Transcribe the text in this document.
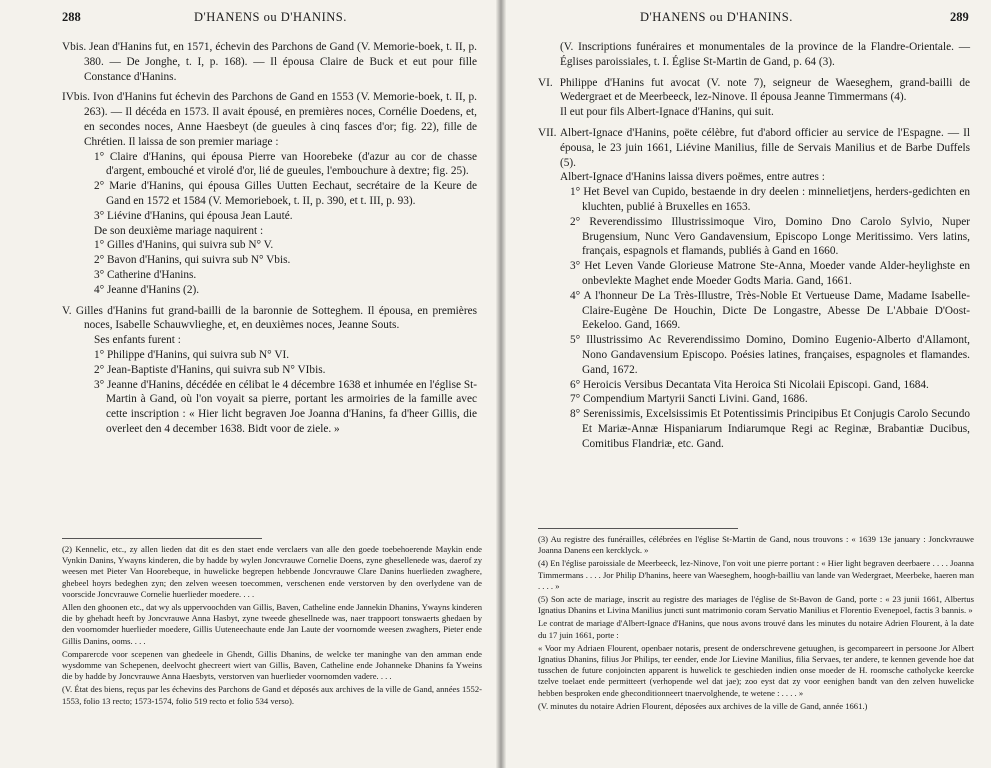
288	D'HANENS ou D'HANINS.

Vbis. Jean d'Hanins fut, en 1571, échevin des Parchons de Gand (V. Memorie-boek, t. II, p. 380. — De Jonghe, t. I, p. 168). — Il épousa Claire de Buck et eut pour fille Constance d'Hanins.

IVbis. Ivon d'Hanins fut échevin des Parchons de Gand en 1553 (V. Memorie-boek, t. II, p. 263). — Il décéda en 1573. Il avait épousé, en premières noces, Cornélie Doedens, et, en secondes noces, Anne Haesbeyt (de gueules à cinq fasces d'or; fig. 22), fille de Chrétien. Il laissa de son premier mariage :

1° Claire d'Hanins, qui épousa Pierre van Hoorebeke (d'azur au cor de chasse d'argent, embouché et virolé d'or, lié de gueules, l'embouchure à dextre; fig. 25).

2° Marie d'Hanins, qui épousa Gilles Uutten Eechaut, secrétaire de la Keure de Gand en 1572 et 1584 (V. Memorieboek, t. II, p. 390, et t. III, p. 93).

3° Liévine d'Hanins, qui épousa Jean Lauté.

De son deuxième mariage naquirent :

1° Gilles d'Hanins, qui suivra sub N° V.

2° Bavon d'Hanins, qui suivra sub N° Vbis.

3° Catherine d'Hanins.

4° Jeanne d'Hanins (2).

V. Gilles d'Hanins fut grand-bailli de la baronnie de Sotteghem. Il épousa, en premières noces, Isabelle Schauwvlieghe, et, en deuxièmes noces, Jeanne Souts.

Ses enfants furent :

1° Philippe d'Hanins, qui suivra sub N° VI.

2° Jean-Baptiste d'Hanins, qui suivra sub N° VIbis.

3° Jeanne d'Hanins, décédée en célibat le 4 décembre 1638 et inhumée en l'église St-Martin à Gand, où l'on voyait sa pierre, portant les armoiries de la famille avec cette inscription : « Hier licht begraven Joe Joanna d'Hanins, fa d'heer Gillis, die overleet den 4 december 1638. Bidt voor de ziele. »

(2) Kennelic, etc., zy allen lieden dat dit es den staet ende verclaers van alle den goede toebehoerende Maykin ende Vynkin Danins, Ywayns kinderen, die by hadde by wylen Joncvrauwe Cornelie Doens, zyne ghesellenede was, daerof zy weesen met Pieter Van Hoorebeque, in huwelicke begrepen hebbende Joncvrauwe Clare Danins huerlieden zwaghere, ghebeel hoyrs bedeghen zyn; den zelven weesen toecommen, verschenen ende verstorven by den overlydene van de voorscide Joncvrauwe Cornelie huerlieder moedere. . . .

Allen den ghoonen etc., dat wy als uppervoochden van Gillis, Baven, Catheline ende Jannekin Dhanins, Ywayns kinderen die by ghehadt heeft by Joncvrauwe Anna Hasbyt, zyne tweede ghesellnede was, naer trappoort tonswaerts ghedaen by den voornomder huerlieder moedere, Gillis Uuteneechaute ende Jan Laute der voornomde weesen zwaghers, Pieter ende Gillis Danins, ooms. . . .

Comparercde voor scepenen van ghedeele in Ghendt, Gillis Dhanins, de welcke ter maninghe van den amman ende wysdomme van Schepenen, deelvocht ghecreert wiert van Gillis, Baven, Catheline ende Johanneke Dhanins fa Yweins die by hadde by Joncvrauwe Anna Haesbyts, verstorven van huerlieder voornomden vadere. . . .

(V. État des biens, reçus par les échevins des Parchons de Gand et déposés aux archives de la ville de Gand, années 1552-1553, folio 13 recto; 1573-1574, folio 519 recto et folio 534 verso).

D'HANENS ou D'HANINS.	289

(V. Inscriptions funéraires et monumentales de la province de la Flandre-Orientale. — Églises paroissiales, t. I. Église St-Martin de Gand, p. 64 (3).

VI. Philippe d'Hanins fut avocat (V. note 7), seigneur de Waeseghem, grand-bailli de Wedergraet et de Meerbeeck, lez-Ninove. Il épousa Jeanne Timmermans (4).

Il eut pour fils Albert-Ignace d'Hanins, qui suit.

VII. Albert-Ignace d'Hanins, poëte célèbre, fut d'abord officier au service de l'Espagne. — Il épousa, le 23 juin 1661, Liévine Manilius, fille de Servais Manilius et de Barbe Duffels (5).

Albert-Ignace d'Hanins laissa divers poëmes, entre autres :

1° Het Bevel van Cupido, bestaende in dry deelen : minnelietjens, herders-gedichten en kluchten, publié à Bruxelles en 1653.

2° Reverendissimo Illustrissimoque Viro, Domino Dno Carolo Sylvio, Nuper Brugensium, Nunc Vero Gandavensium, Episcopo Longe Meritissimo. Vers latins, français, espagnols et flamands, publiés à Gand en 1660.

3° Het Leven Vande Glorieuse Matrone Ste-Anna, Moeder vande Alder-heylighste en onbevlekte Maghet ende Moeder Godts Maria. Gand, 1661.

4° A l'honneur De La Très-Illustre, Très-Noble Et Vertueuse Dame, Madame Isabelle-Claire-Eugène De Houchin, Dicte De Longastre, Abesse De L'Abbaie D'Oost-Eekeloo. Gand, 1669.

5° Illustrissimo Ac Reverendissimo Domino, Domino Eugenio-Alberto d'Allamont, Nono Gandavensium Episcopo. Poésies latines, françaises, espagnoles et flamandes. Gand, 1672.

6° Heroicis Versibus Decantata Vita Heroica Sti Nicolaii Episcopi. Gand, 1684.

7° Compendium Martyrii Sancti Livini. Gand, 1686.

8° Serenissimis, Excelsissimis Et Potentissimis Principibus Et Conjugis Carolo Secundo Et Mariæ-Annæ Hispaniarum Indiarumque Regi ac Reginæ, Brabantiæ Ducibus, Comitibus Flandriæ, etc. Gand.

(3) Au registre des funérailles, célébrées en l'église St-Martin de Gand, nous trouvons : « 1639 13e january : Jonckvrauwe Joanna Danens een kercklyck. »

(4) En l'église paroissiale de Meerbeeck, lez-Ninove, l'on voit une pierre portant : « Hier light begraven deerbaere . . . . Joanna Timmermans . . . . Jor Philip D'hanins, heere van Waeseghem, hoogh-bailliu van lande van Wedergraet, Meerbeke, haeren man . . . . »

(5) Son acte de mariage, inscrit au registre des mariages de l'église de St-Bavon de Gand, porte : « 23 junii 1661, Albertus Ignatius Dhanins et Livina Manilius juncti sunt matrimonio coram Servatio Manilius et Florentio Evenepoel, factis 3 bannis. »

Le contrat de mariage d'Albert-Ignace d'Hanins, que nous avons trouvé dans les minutes du notaire Adrien Flourent, à la date du 17 juin 1661, porte :

« Voor my Adriaen Flourent, openbaer notaris, present de onderschrevene getuughen, is gecompareert in persoone Jor Albert Ignatius Dhanins, filius Jor Philips, ter eender, ende Jor Lievine Manilius, filia Servaes, ter andere, te kennen gevende hoe dat tusschen de future conjoincten apparent is huwelick te geschieden indien onse moeder de H. roomsche catholycke keercke tzelve toelaet ende permitteert (verhopende wel dat jae); zoo eyst dat zy voor eenighen bandt van den zelven huwelicke hebben besproken ende gheconditionneert tnaervolghende, te wetene : . . . . »

(V. minutes du notaire Adrien Flourent, déposées aux archives de la ville de Gand, année 1661.)
